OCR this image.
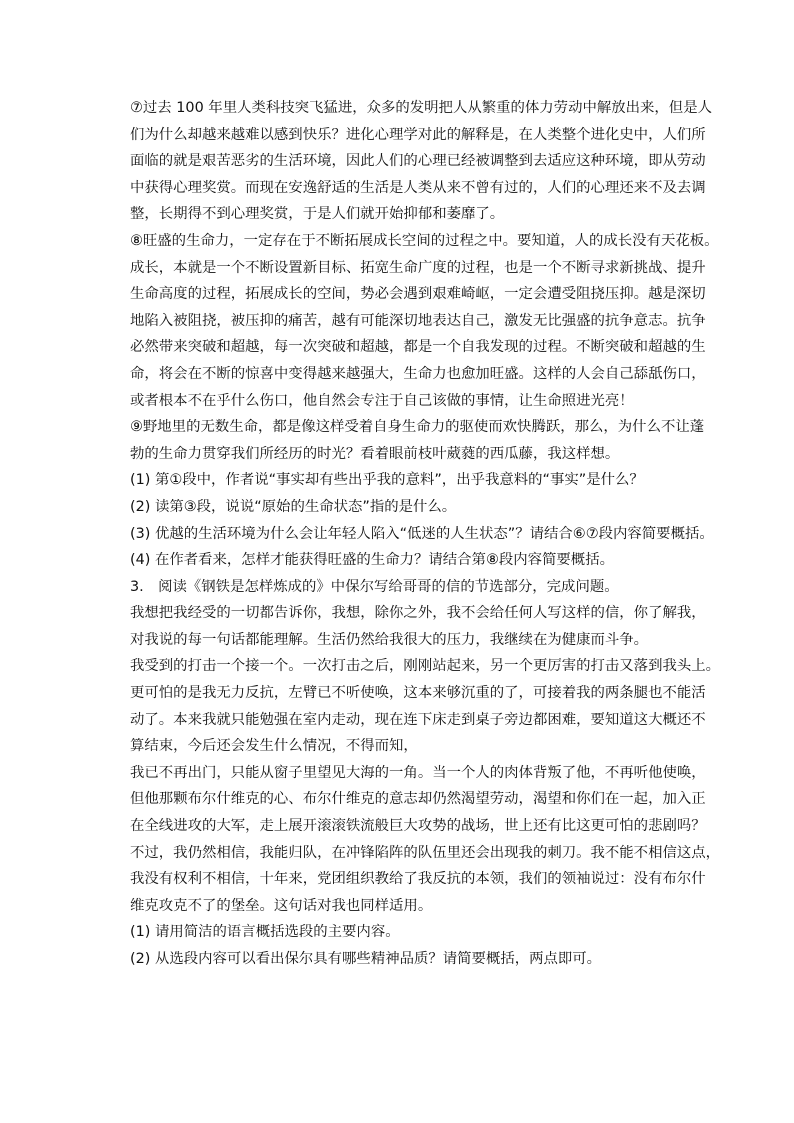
⑦过去 100 年里人类科技突飞猛进，众多的发明把人从繁重的体力劳动中解放出来，但是人
们为什么却越来越难以感到快乐？进化心理学对此的解释是，在人类整个进化史中，人们所
面临的就是艰苦恶劣的生活环境，因此人们的心理已经被调整到去适应这种环境，即从劳动
中获得心理奖赏。而现在安逸舒适的生活是人类从来不曾有过的，人们的心理还来不及去调
整，长期得不到心理奖赏，于是人们就开始抑郁和萎靡了。
⑧旺盛的生命力，一定存在于不断拓展成长空间的过程之中。要知道，人的成长没有天花板。
成长，本就是一个不断设置新目标、拓宽生命广度的过程，也是一个不断寻求新挑战、提升
生命高度的过程，拓展成长的空间，势必会遇到艰难崎岖，一定会遭受阻挠压抑。越是深切
地陷入被阻挠，被压抑的痛苦，越有可能深切地表达自己，激发无比强盛的抗争意志。抗争
必然带来突破和超越，每一次突破和超越，都是一个自我发现的过程。不断突破和超越的生
命，将会在不断的惊喜中变得越来越强大，生命力也愈加旺盛。这样的人会自己舔舐伤口，
或者根本不在乎什么伤口，他自然会专注于自己该做的事情，让生命照进光亮！
⑨野地里的无数生命，都是像这样受着自身生命力的驱使而欢快腾跃，那么，为什么不让蓬
勃的生命力贯穿我们所经历的时光？看着眼前枝叶葳蕤的西瓜藤，我这样想。
(1) 第①段中，作者说“事实却有些出乎我的意料”，出乎我意料的“事实”是什么？
(2) 读第③段，说说“原始的生命状态”指的是什么。
(3) 优越的生活环境为什么会让年轻人陷入“低迷的人生状态”？请结合⑥⑦段内容简要概括。
(4) 在作者看来，怎样才能获得旺盛的生命力？请结合第⑧段内容简要概括。
3.　阅读《钢铁是怎样炼成的》中保尔写给哥哥的信的节选部分，完成问题。
我想把我经受的一切都告诉你，我想，除你之外，我不会给任何人写这样的信，你了解我，
对我说的每一句话都能理解。生活仍然给我很大的压力，我继续在为健康而斗争。
我受到的打击一个接一个。一次打击之后，刚刚站起来，另一个更厉害的打击又落到我头上。
更可怕的是我无力反抗，左臂已不听使唤，这本来够沉重的了，可接着我的两条腿也不能活
动了。本来我就只能勉强在室内走动，现在连下床走到桌子旁边都困难，要知道这大概还不
算结束，今后还会发生什么情况，不得而知，
我已不再出门，只能从窗子里望见大海的一角。当一个人的肉体背叛了他，不再听他使唤，
但他那颗布尔什维克的心、布尔什维克的意志却仍然渴望劳动，渴望和你们在一起，加入正
在全线进攻的大军，走上展开滚滚铁流般巨大攻势的战场，世上还有比这更可怕的悲剧吗？
不过，我仍然相信，我能归队，在冲锋陷阵的队伍里还会出现我的刺刀。我不能不相信这点，
我没有权利不相信，十年来，党团组织教给了我反抗的本领，我们的领袖说过：没有布尔什
维克攻克不了的堡垒。这句话对我也同样适用。
(1) 请用简洁的语言概括选段的主要内容。
(2) 从选段内容可以看出保尔具有哪些精神品质？请简要概括，两点即可。
